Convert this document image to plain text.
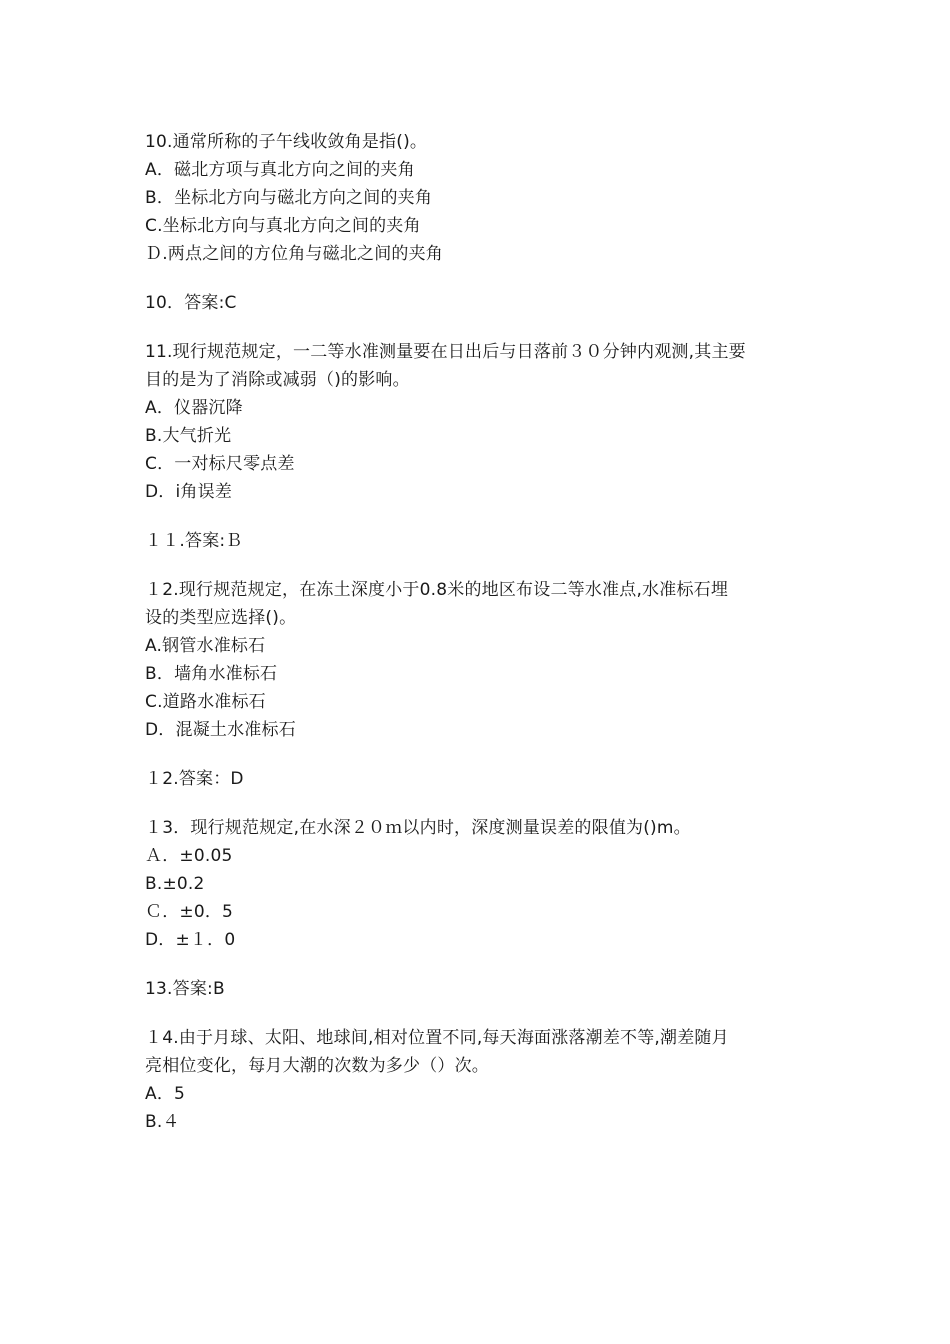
10.通常所称的子午线收敛角是指()。
A．磁北方项与真北方向之间的夹角
B．坐标北方向与磁北方向之间的夹角
C.坐标北方向与真北方向之间的夹角
Ｄ.两点之间的方位角与磁北之间的夹角
10．答案:C
11.现行规范规定，一二等水准测量要在日出后与日落前３０分钟内观测,其主要
目的是为了消除或减弱（)的影响。
A．仪器沉降
B.大气折光
C．一对标尺零点差
D．i角误差
１１.答案:Ｂ
１2.现行规范规定，在冻土深度小于0.8米的地区布设二等水准点,水准标石埋
设的类型应选择()。
A.钢管水准标石
B．墙角水准标石
C.道路水准标石
D．混凝土水准标石
１2.答案：D
１3．现行规范规定,在水深２０ｍ以内时，深度测量误差的限值为()m。
Ａ．±0.05
B.±0.2
Ｃ．±0．5
D．±１．0
13.答案:B
１4.由于月球、太阳、地球间,相对位置不同,每天海面涨落潮差不等,潮差随月
亮相位变化，每月大潮的次数为多少（）次。
A．5
B.４
